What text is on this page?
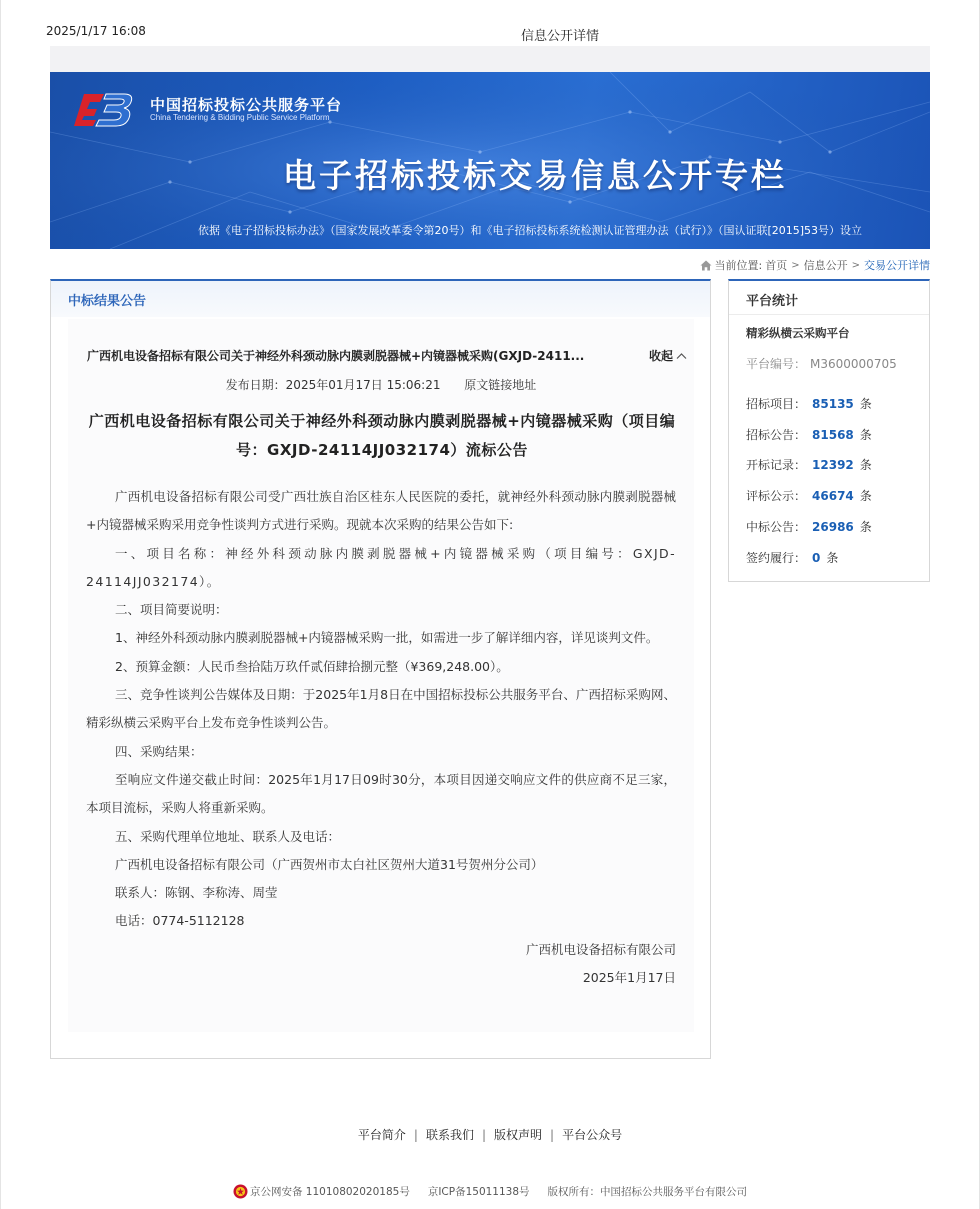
2025/1/17 16:08	信息公开详情
中国招标投标公共服务平台
China Tendering & Bidding Public Service Platform
电子招标投标交易信息公开专栏
依据《电子招标投标办法》（国家发展改革委令第20号）和《电子招标投标系统检测认证管理办法（试行）》（国认证联[2015]53号）设立
当前位置: 首页 > 信息公开 > 交易公开详情
中标结果公告
广西机电设备招标有限公司关于神经外科颈动脉内膜剥脱器械+内镜器械采购(GXJD-2411...	收起
发布日期：2025年01月17日 15:06:21 原文链接地址
广西机电设备招标有限公司关于神经外科颈动脉内膜剥脱器械+内镜器械采购（项目编号：GXJD-24114JJ032174）流标公告

广西机电设备招标有限公司受广西壮族自治区桂东人民医院的委托，就神经外科颈动脉内膜剥脱器械+内镜器械采购采用竞争性谈判方式进行采购。现就本次采购的结果公告如下:

一、项目名称：神经外科颈动脉内膜剥脱器械+内镜器械采购（项目编号：GXJD-24114JJ032174）。

二、项目简要说明：

1、神经外科颈动脉内膜剥脱器械+内镜器械采购一批，如需进一步了解详细内容，详见谈判文件。

2、预算金额：人民币叁拾陆万玖仟贰佰肆拾捌元整（¥369,248.00）。

三、竞争性谈判公告媒体及日期：于2025年1月8日在中国招标投标公共服务平台、广西招标采购网、精彩纵横云采购平台上发布竞争性谈判公告。

四、采购结果：

至响应文件递交截止时间：2025年1月17日09时30分，本项目因递交响应文件的供应商不足三家，本项目流标，采购人将重新采购。

五、采购代理单位地址、联系人及电话：

广西机电设备招标有限公司（广西贺州市太白社区贺州大道31号贺州分公司）

联系人：陈钢、李称涛、周莹

电话：0774-5112128

广西机电设备招标有限公司

2025年1月17日

平台统计
精彩纵横云采购平台
平台编号： M3600000705
招标项目： 85135 条
招标公告： 81568 条
开标记录： 12392 条
评标公示： 46674 条
中标公告： 26986 条
签约履行： 0 条
平台简介 | 联系我们 | 版权声明 | 平台公众号
京公网安备 11010802020185号 京ICP备15011138号 版权所有：中国招标公共服务平台有限公司
